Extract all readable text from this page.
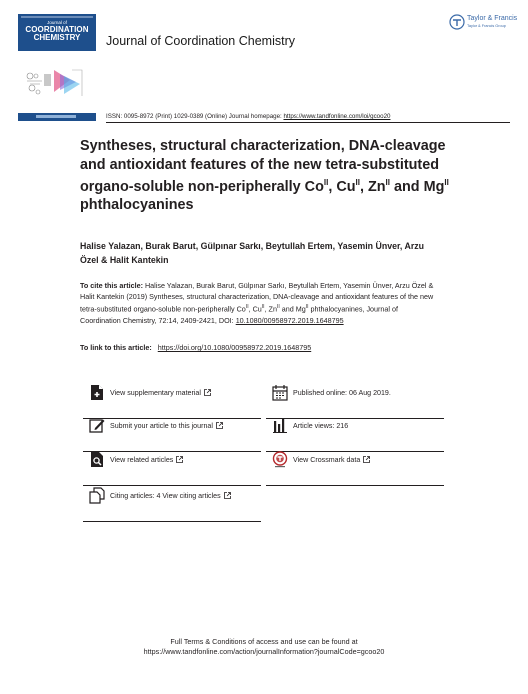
Journal of
COORDINATION
CHEMISTRY	Journal of Coordination Chemistry
Taylor & Francis
Taylor & Francis Group
ISSN: 0095-8972 (Print) 1029-0389 (Online) Journal homepage: https://www.tandfonline.com/loi/gcoo20
Syntheses, structural characterization, DNA-cleavage and antioxidant features of the new tetra-substituted organo-soluble non-peripherally $Co^{II}$, $Cu^{II}$, $Zn^{II}$ and $Mg^{II}$ phthalocyanines
Halise Yalazan, Burak Barut, Gülpınar Sarkı, Beytullah Ertem, Yasemin Ünver, Arzu Özel & Halit Kantekin
To cite this article: Halise Yalazan, Burak Barut, Gülpınar Sarkı, Beytullah Ertem, Yasemin Ünver, Arzu Özel & Halit Kantekin (2019) Syntheses, structural characterization, DNA-cleavage and antioxidant features of the new tetra-substituted organo-soluble non-peripherally $Co^{II}$, $Cu^{II}$, $Zn^{II}$ and $Mg^{II}$ phthalocyanines, Journal of Coordination Chemistry, 72:14, 2409-2421, DOI: 10.1080/00958972.2019.1648795
To link to this article: https://doi.org/10.1080/00958972.2019.1648795
View supplementary material
Submit your article to this journal
View related articles
Citing articles: 4 View citing articles
Published online: 06 Aug 2019.
Article views: 216
View Crossmark data
Full Terms & Conditions of access and use can be found at
https://www.tandfonline.com/action/journalInformation?journalCode=gcoo20
